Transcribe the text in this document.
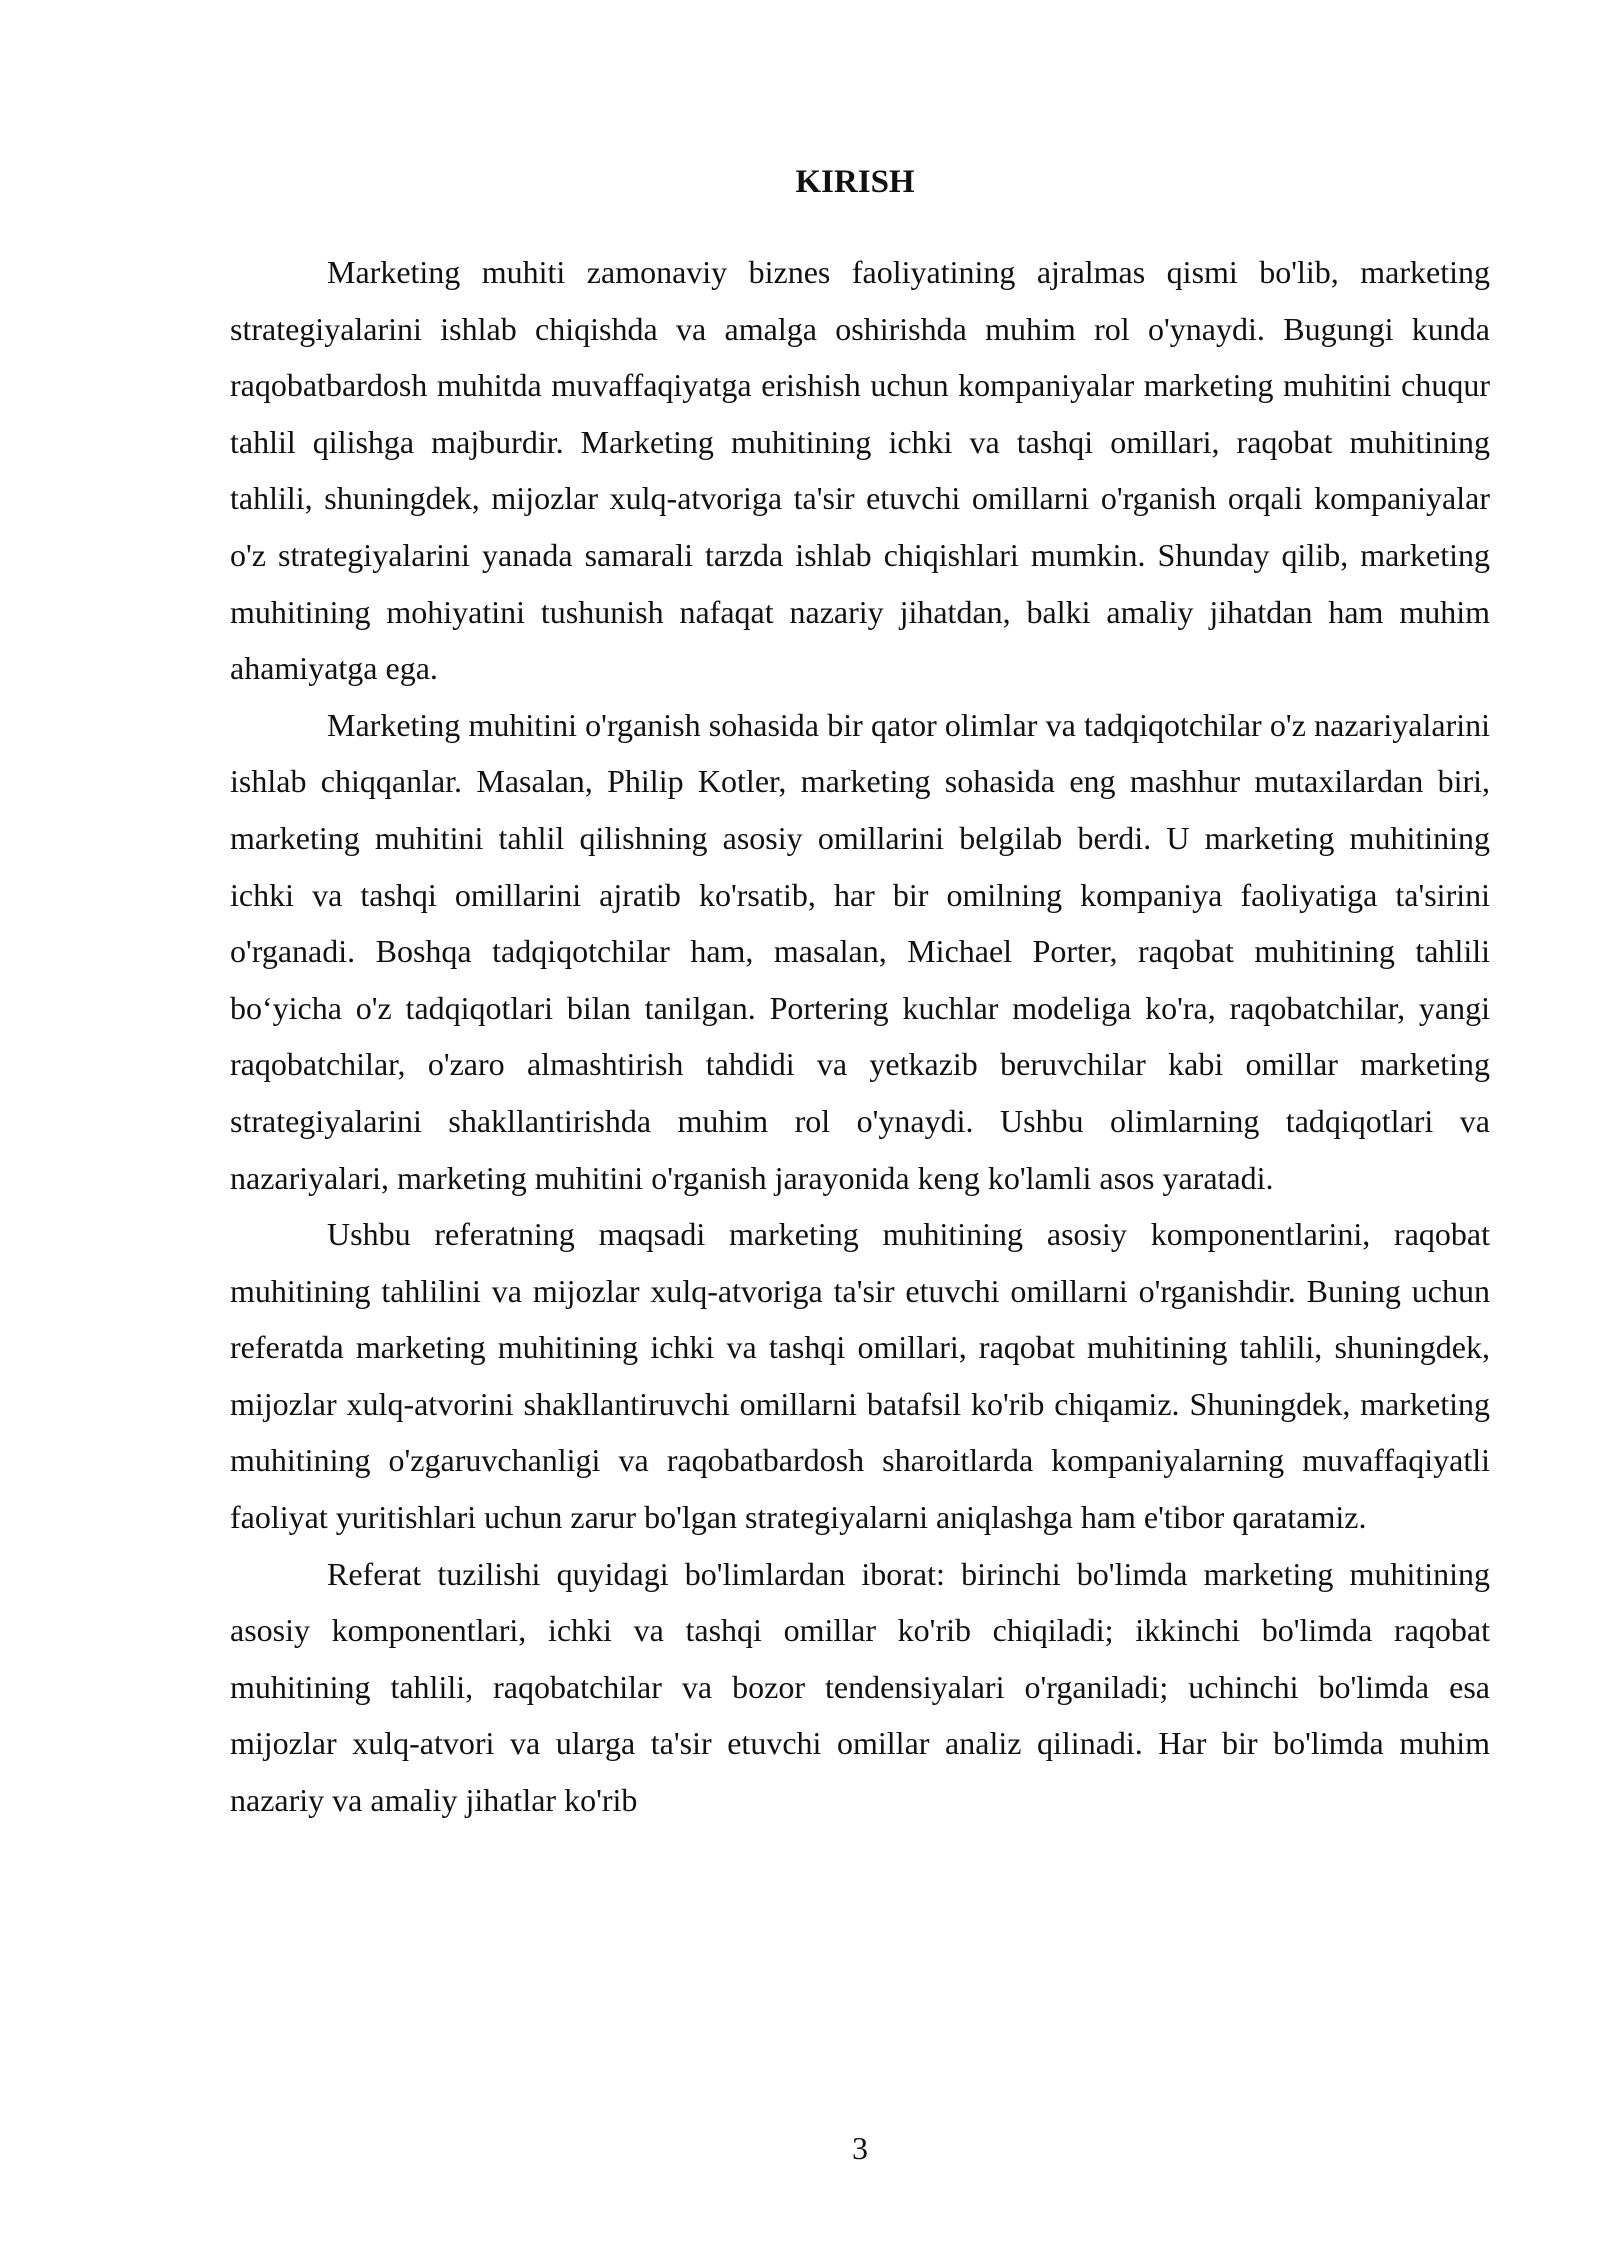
KIRISH

Marketing muhiti zamonaviy biznes faoliyatining ajralmas qismi bo'lib, marketing strategiyalarini ishlab chiqishda va amalga oshirishda muhim rol o'ynaydi. Bugungi kunda raqobatbardosh muhitda muvaffaqiyatga erishish uchun kompaniyalar marketing muhitini chuqur tahlil qilishga majburdir. Marketing muhitining ichki va tashqi omillari, raqobat muhitining tahlili, shuningdek, mijozlar xulq-atvoriga ta'sir etuvchi omillarni o'rganish orqali kompaniyalar o'z strategiyalarini yanada samarali tarzda ishlab chiqishlari mumkin. Shunday qilib, marketing muhitining mohiyatini tushunish nafaqat nazariy jihatdan, balki amaliy jihatdan ham muhim ahamiyatga ega.

Marketing muhitini o'rganish sohasida bir qator olimlar va tadqiqotchilar o'z nazariyalarini ishlab chiqqanlar. Masalan, Philip Kotler, marketing sohasida eng mashhur mutaxilardan biri, marketing muhitini tahlil qilishning asosiy omillarini belgilab berdi. U marketing muhitining ichki va tashqi omillarini ajratib ko'rsatib, har bir omilning kompaniya faoliyatiga ta'sirini o'rganadi. Boshqa tadqiqotchilar ham, masalan, Michael Porter, raqobat muhitining tahlili bo‘yicha o'z tadqiqotlari bilan tanilgan. Portering kuchlar modeliga ko'ra, raqobatchilar, yangi raqobatchilar, o'zaro almashtirish tahdidi va yetkazib beruvchilar kabi omillar marketing strategiyalarini shakllantirishda muhim rol o'ynaydi. Ushbu olimlarning tadqiqotlari va nazariyalari, marketing muhitini o'rganish jarayonida keng ko'lamli asos yaratadi.

Ushbu referatning maqsadi marketing muhitining asosiy komponentlarini, raqobat muhitining tahlilini va mijozlar xulq-atvoriga ta'sir etuvchi omillarni o'rganishdir. Buning uchun referatda marketing muhitining ichki va tashqi omillari, raqobat muhitining tahlili, shuningdek, mijozlar xulq-atvorini shakllantiruvchi omillarni batafsil ko'rib chiqamiz. Shuningdek, marketing muhitining o'zgaruvchanligi va raqobatbardosh sharoitlarda kompaniyalarning muvaffaqiyatli faoliyat yuritishlari uchun zarur bo'lgan strategiyalarni aniqlashga ham e'tibor qaratamiz.

Referat tuzilishi quyidagi bo'limlardan iborat: birinchi bo'limda marketing muhitining asosiy komponentlari, ichki va tashqi omillar ko'rib chiqiladi; ikkinchi bo'limda raqobat muhitining tahlili, raqobatchilar va bozor tendensiyalari o'rganiladi; uchinchi bo'limda esa mijozlar xulq-atvori va ularga ta'sir etuvchi omillar analiz qilinadi. Har bir bo'limda muhim nazariy va amaliy jihatlar ko'rib

3
